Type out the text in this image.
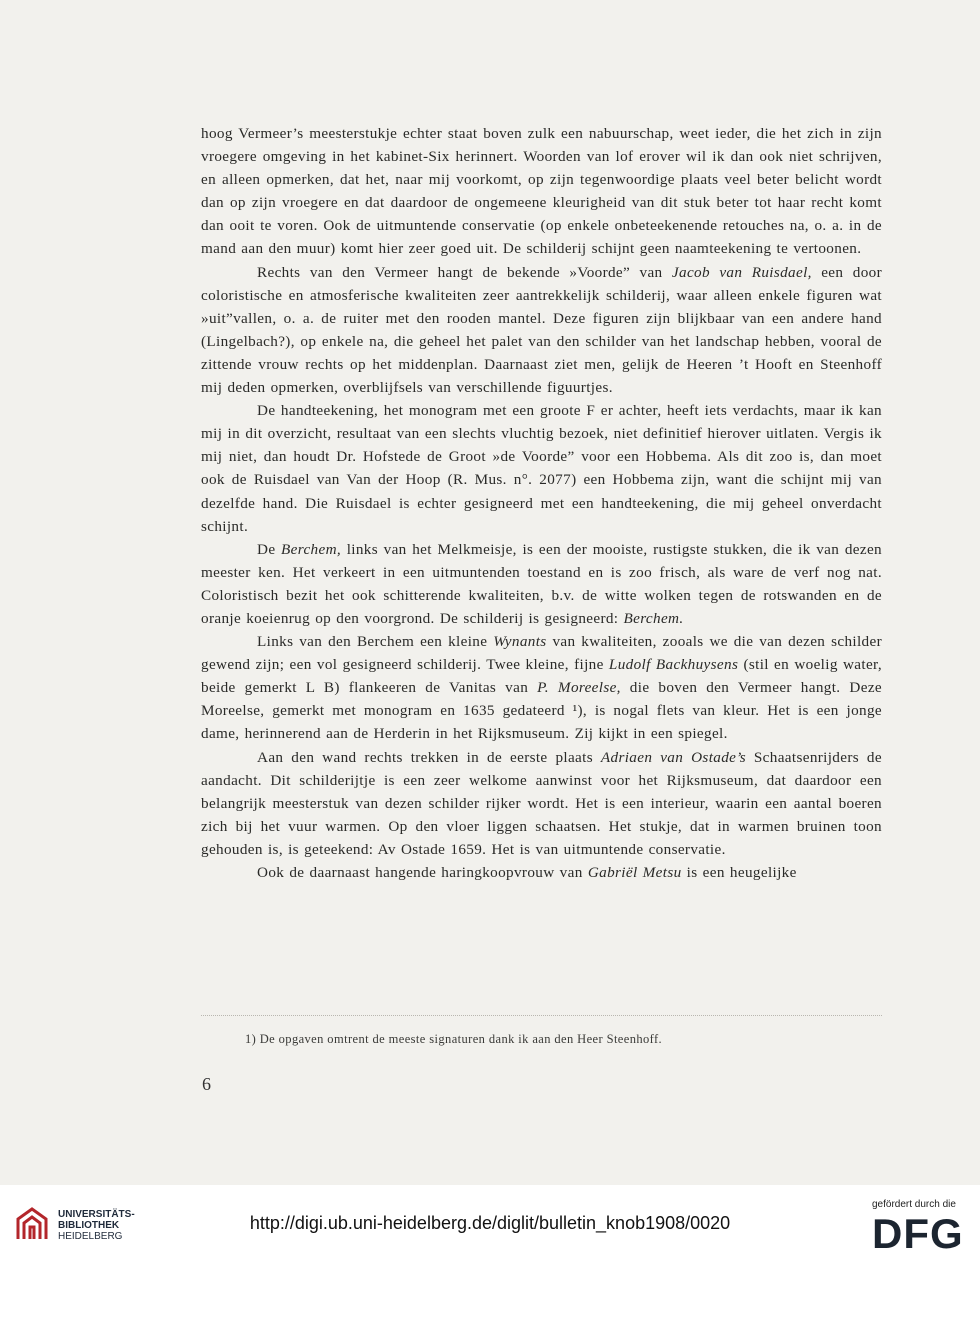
hoog Vermeer’s meesterstukje echter staat boven zulk een nabuurschap, weet ieder, die het zich in zijn vroegere omgeving in het kabinet-Six herinnert. Woorden van lof erover wil ik dan ook niet schrijven, en alleen opmerken, dat het, naar mij voorkomt, op zijn tegenwoordige plaats veel beter belicht wordt dan op zijn vroegere en dat daardoor de ongemeene kleurigheid van dit stuk beter tot haar recht komt dan ooit te voren. Ook de uitmuntende conservatie (op enkele onbeteekenende retouches na, o. a. in de mand aan den muur) komt hier zeer goed uit. De schilderij schijnt geen naamteekening te vertoonen.

Rechts van den Vermeer hangt de bekende »Voorde” van Jacob van Ruisdael, een door coloristische en atmosferische kwaliteiten zeer aantrekkelijk schilderij, waar alleen enkele figuren wat »uit”vallen, o. a. de ruiter met den rooden mantel. Deze figuren zijn blijkbaar van een andere hand (Lingelbach?), op enkele na, die geheel het palet van den schilder van het landschap hebben, vooral de zittende vrouw rechts op het middenplan. Daarnaast ziet men, gelijk de Heeren ’t Hooft en Steenhoff mij deden opmerken, overblijfsels van verschillende figuurtjes.

De handteekening, het monogram met een groote F er achter, heeft iets verdachts, maar ik kan mij in dit overzicht, resultaat van een slechts vluchtig bezoek, niet definitief hierover uitlaten. Vergis ik mij niet, dan houdt Dr. Hofstede de Groot »de Voorde” voor een Hobbema. Als dit zoo is, dan moet ook de Ruisdael van Van der Hoop (R. Mus. n°. 2077) een Hobbema zijn, want die schijnt mij van dezelfde hand. Die Ruisdael is echter gesigneerd met een handteekening, die mij geheel onverdacht schijnt.

De Berchem, links van het Melkmeisje, is een der mooiste, rustigste stukken, die ik van dezen meester ken. Het verkeert in een uitmuntenden toestand en is zoo frisch, als ware de verf nog nat. Coloristisch bezit het ook schitterende kwaliteiten, b.v. de witte wolken tegen de rotswanden en de oranje koeienrug op den voorgrond. De schilderij is gesigneerd: Berchem.

Links van den Berchem een kleine Wynants van kwaliteiten, zooals we die van dezen schilder gewend zijn; een vol gesigneerd schilderij. Twee kleine, fijne Ludolf Backhuysens (stil en woelig water, beide gemerkt L B) flankeeren de Vanitas van P. Moreelse, die boven den Vermeer hangt. Deze Moreelse, gemerkt met monogram en 1635 gedateerd ¹), is nogal flets van kleur. Het is een jonge dame, herinnerend aan de Herderin in het Rijksmuseum. Zij kijkt in een spiegel.

Aan den wand rechts trekken in de eerste plaats Adriaen van Ostade’s Schaatsenrijders de aandacht. Dit schilderijtje is een zeer welkome aanwinst voor het Rijksmuseum, dat daardoor een belangrijk meesterstuk van dezen schilder rijker wordt. Het is een interieur, waarin een aantal boeren zich bij het vuur warmen. Op den vloer liggen schaatsen. Het stukje, dat in warmen bruinen toon gehouden is, is geteekend: Av Ostade 1659. Het is van uitmuntende conservatie.

Ook de daarnaast hangende haringkoopvrouw van Gabriël Metsu is een heugelijke

1) De opgaven omtrent de meeste signaturen dank ik aan den Heer Steenhoff.
6
UNIVERSITÄTS-
BIBLIOTHEK
HEIDELBERG
http://digi.ub.uni-heidelberg.de/diglit/bulletin_knob1908/0020
gefördert durch die
DFG
